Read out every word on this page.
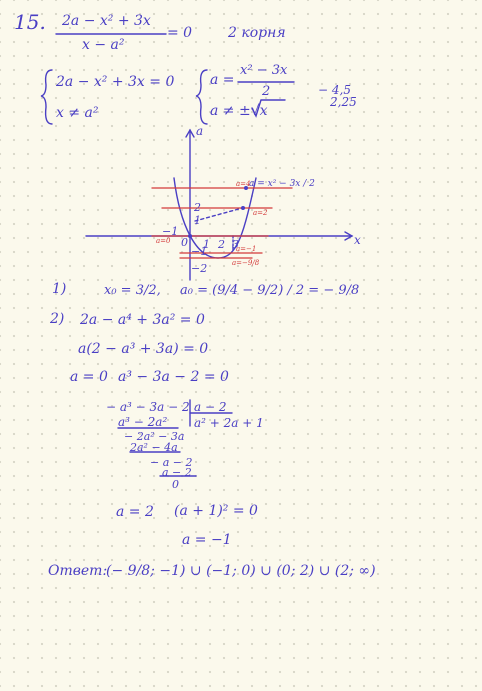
15. 2a − x² + 3x
x − a²
= 0	2 корня
2a − x² + 3x = 0
x ≠ a²
a =
x² − 3x
2
a ≠ ±√x
− 4,5
2,25
a
x
0
−1
1 2 3
2
1
−1
−2
a = x² − 3x / 2
a=4
a=2
a=0
a=−1
a=−9/8
1)	x₀ = 3/2, a₀ = (9/4 − 9/2) / 2 = − 9/8
2) 2a − a⁴ + 3a² = 0
a(2 − a³ + 3a) = 0
a = 0 a³ − 3a − 2 = 0
− a³ − 3a − 2 a − 2
a³ − 2a² a² + 2a + 1
− 2a² − 3a
2a² − 4a
− a − 2
a − 2
0
a = 2 (a + 1)² = 0
a = −1
Ответ:
(− 9/8; −1) ∪ (−1; 0) ∪ (0; 2) ∪ (2; ∞)
